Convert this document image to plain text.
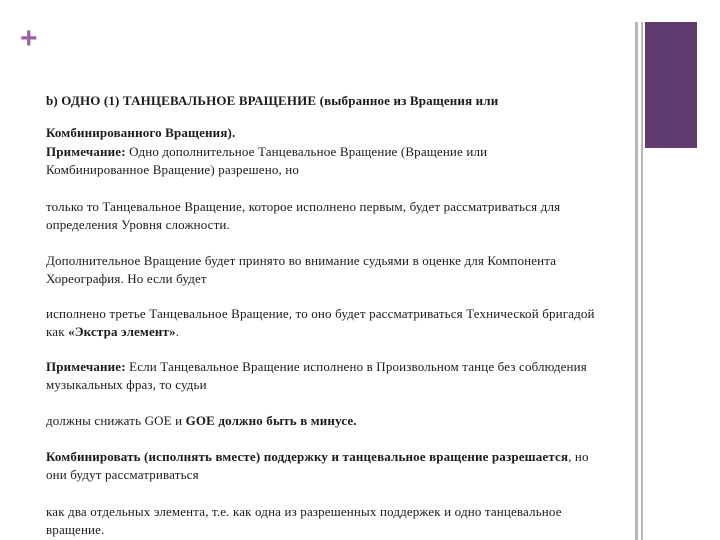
+
b) ОДНО (1) ТАНЦЕВАЛЬНОЕ ВРАЩЕНИЕ (выбранное из Вращения или
Комбинированного Вращения).
Примечание: Одно дополнительное Танцевальное Вращение (Вращение или
Комбинированное Вращение) разрешено, но
только то Танцевальное Вращение, которое исполнено первым, будет рассматриваться для
определения Уровня сложности.
Дополнительное Вращение будет принято во внимание судьями в оценке для Компонента
Хореография. Но если будет
исполнено третье Танцевальное Вращение, то оно будет рассматриваться Технической бригадой
как «Экстра элемент».
Примечание: Если Танцевальное Вращение исполнено в Произвольном танце без соблюдения
музыкальных фраз, то судьи
должны снижать GOE и GOE должно быть в минусе.
Комбинировать (исполнять вместе) поддержку и танцевальное вращение разрешается, но
они будут рассматриваться
как два отдельных элемента, т.е. как одна из разрешенных поддержек и одно танцевальное
вращение.
